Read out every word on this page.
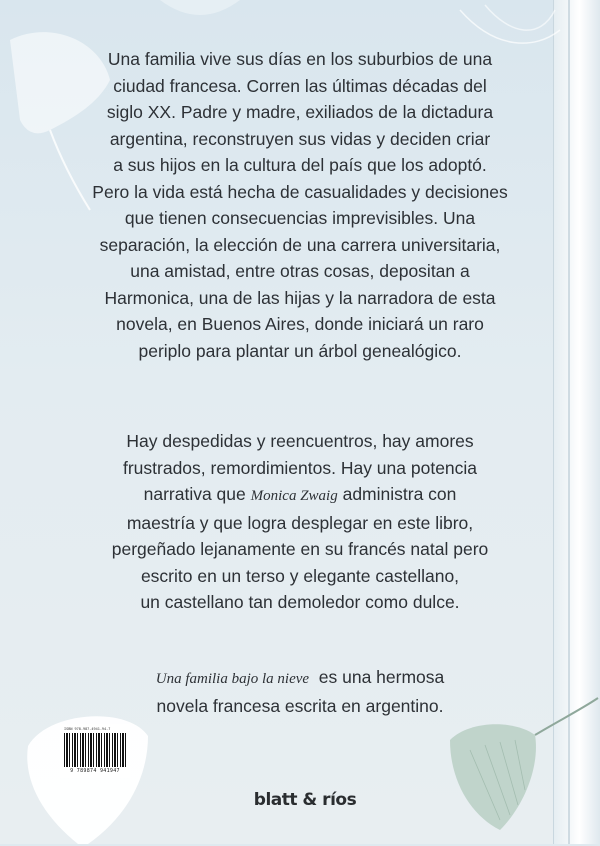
Una familia vive sus días en los suburbios de una
ciudad francesa. Corren las últimas décadas del
siglo XX. Padre y madre, exiliados de la dictadura
argentina, reconstruyen sus vidas y deciden criar
a sus hijos en la cultura del país que los adoptó.
Pero la vida está hecha de casualidades y decisiones
que tienen consecuencias imprevisibles. Una
separación, la elección de una carrera universitaria,
una amistad, entre otras cosas, depositan a
Harmonica, una de las hijas y la narradora de esta
novela, en Buenos Aires, donde iniciará un raro
periplo para plantar un árbol genealógico.
Hay despedidas y reencuentros, hay amores
frustrados, remordimientos. Hay una potencia
narrativa que Monica Zwaig administra con
maestría y que logra desplegar en este libro,
pergeñado lejanamente en su francés natal pero
escrito en un terso y elegante castellano,
un castellano tan demoledor como dulce.
Una familia bajo la nieve  es una hermosa
novela francesa escrita en argentino.
ISBN 978-987-4941-94-7
9 789874 941947
blatt & ríos
